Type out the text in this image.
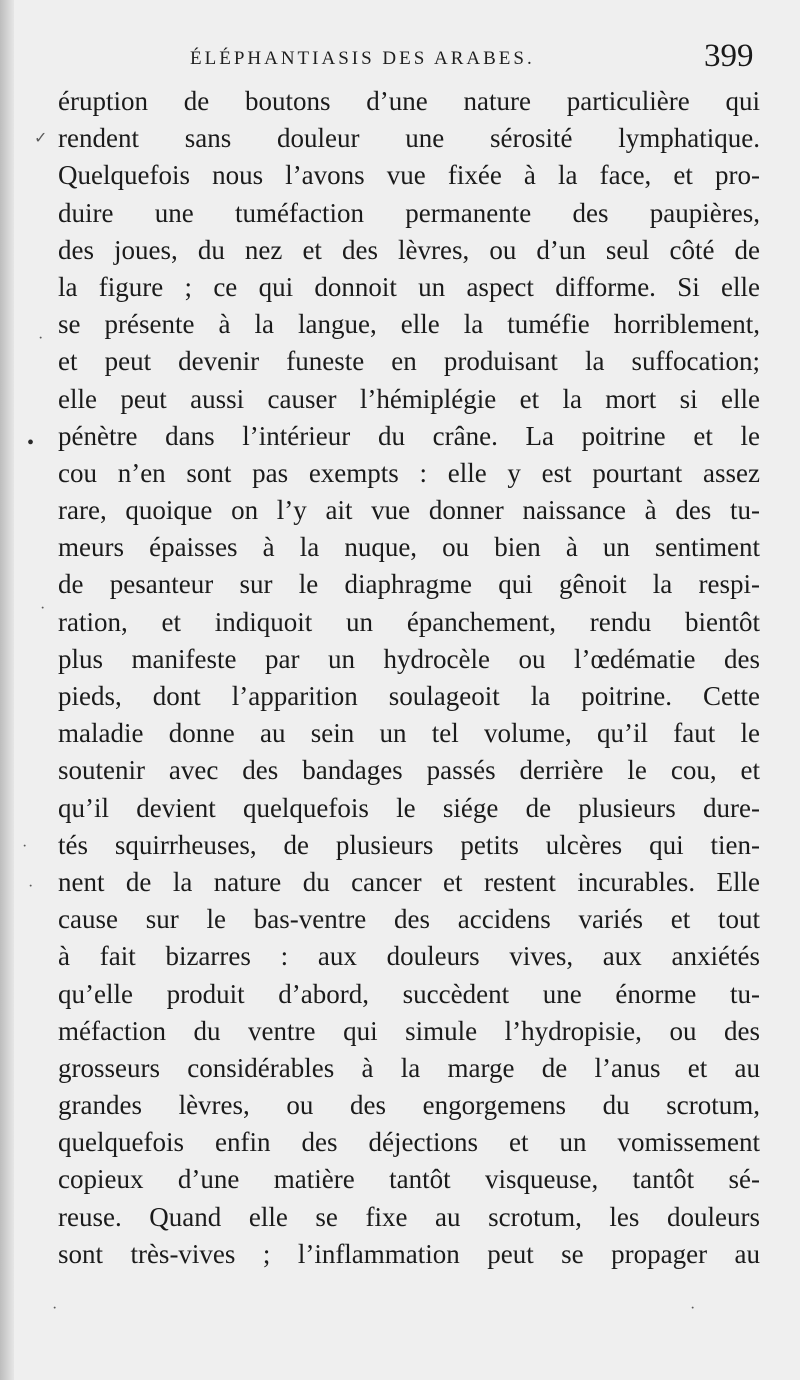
ÉLÉPHANTIASIS DES ARABES.	399
éruption de boutons d’une nature particulière qui
rendent sans douleur une sérosité lymphatique.
Quelquefois nous l’avons vue fixée à la face, et pro-
duire une tuméfaction permanente des paupières,
des joues, du nez et des lèvres, ou d’un seul côté de
la figure ; ce qui donnoit un aspect difforme. Si elle
se présente à la langue, elle la tuméfie horriblement,
et peut devenir funeste en produisant la suffocation;
elle peut aussi causer l’hémiplégie et la mort si elle
pénètre dans l’intérieur du crâne. La poitrine et le
cou n’en sont pas exempts : elle y est pourtant assez
rare, quoique on l’y ait vue donner naissance à des tu-
meurs épaisses à la nuque, ou bien à un sentiment
de pesanteur sur le diaphragme qui gênoit la respi-
ration, et indiquoit un épanchement, rendu bientôt
plus manifeste par un hydrocèle ou l’œdématie des
pieds, dont l’apparition soulageoit la poitrine. Cette
maladie donne au sein un tel volume, qu’il faut le
soutenir avec des bandages passés derrière le cou, et
qu’il devient quelquefois le siége de plusieurs dure-
tés squirrheuses, de plusieurs petits ulcères qui tien-
nent de la nature du cancer et restent incurables. Elle
cause sur le bas-ventre des accidens variés et tout
à fait bizarres : aux douleurs vives, aux anxiétés
qu’elle produit d’abord, succèdent une énorme tu-
méfaction du ventre qui simule l’hydropisie, ou des
grosseurs considérables à la marge de l’anus et au
grandes lèvres, ou des engorgemens du scrotum,
quelquefois enfin des déjections et un vomissement
copieux d’une matière tantôt visqueuse, tantôt sé-
reuse. Quand elle se fixe au scrotum, les douleurs
sont très-vives ; l’inflammation peut se propager au
✓
·
•
·
·
·
·
·
